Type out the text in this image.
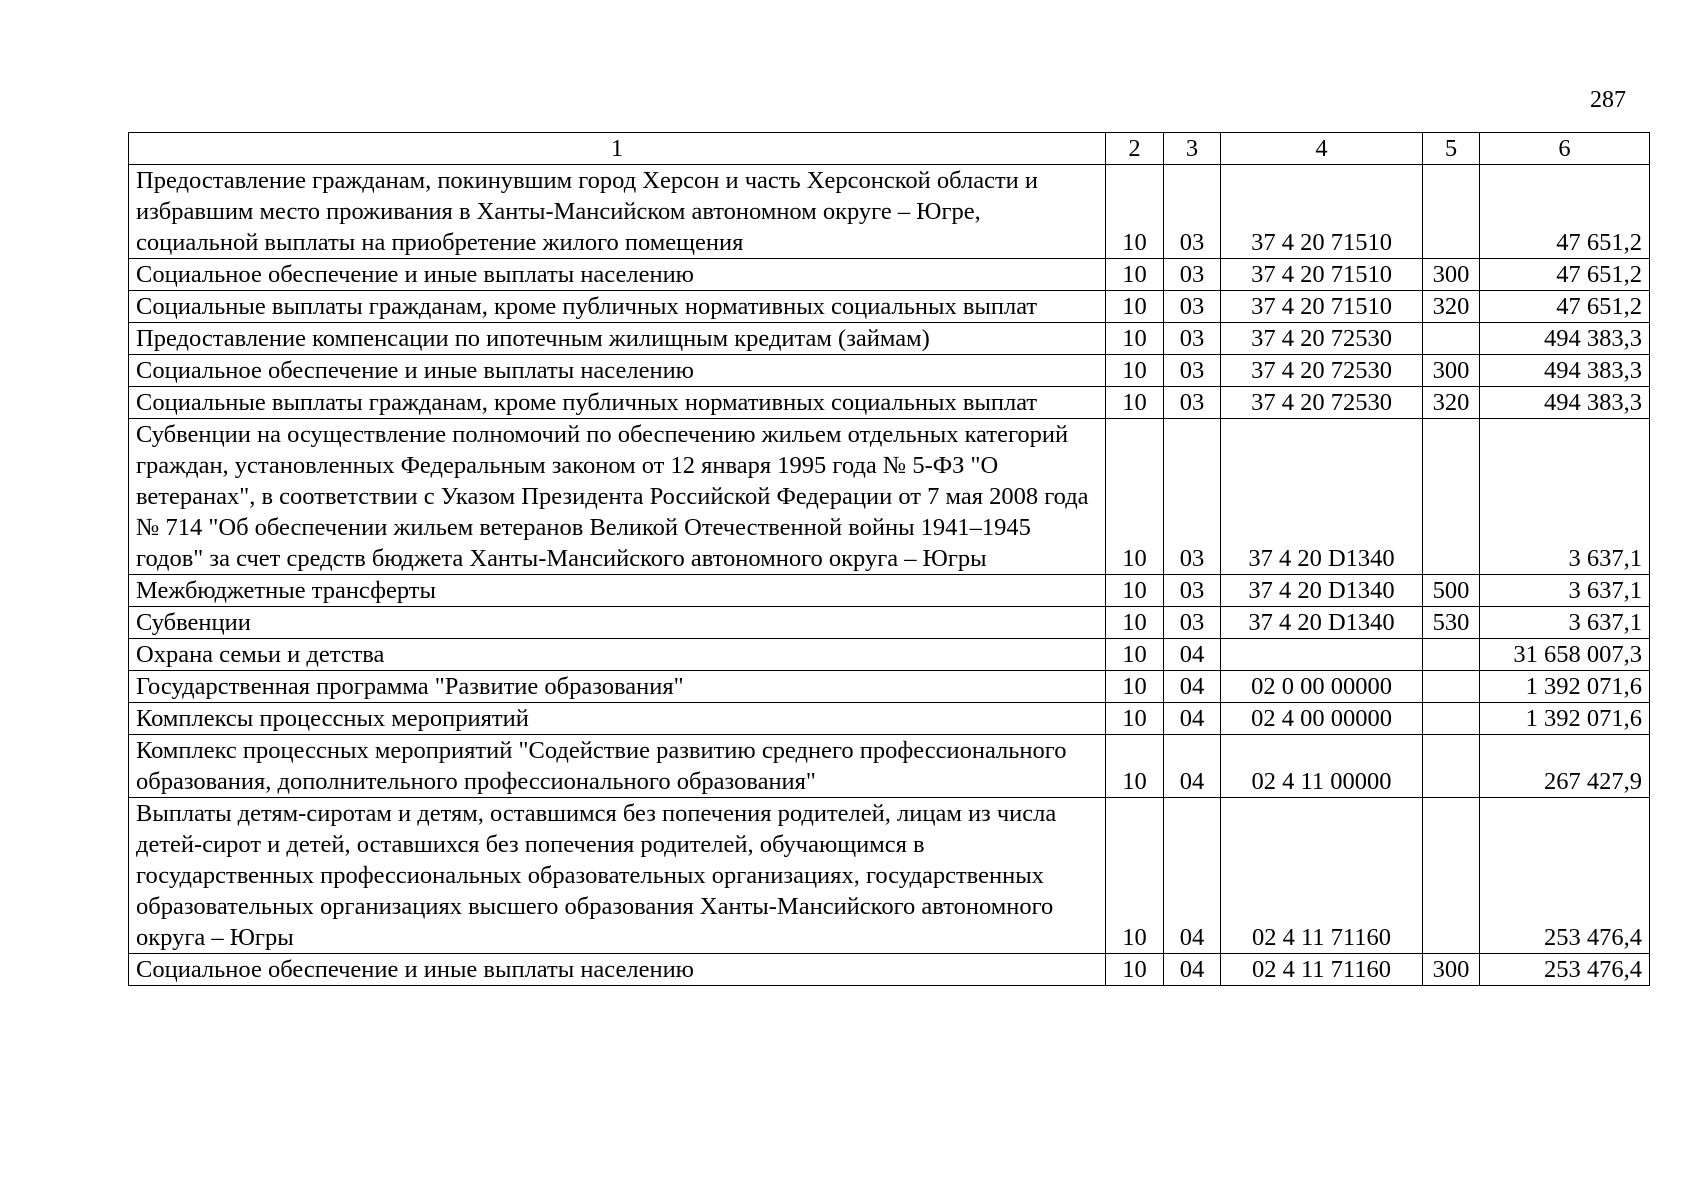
287
1	2	3	4	5	6
Предоставление гражданам, покинувшим город Херсон и часть Херсонской области и избравшим место проживания в Ханты-Мансийском автономном округе – Югре, социальной выплаты на приобретение жилого помещения	10	03	37 4 20 71510		47 651,2
Социальное обеспечение и иные выплаты населению	10	03	37 4 20 71510	300	47 651,2
Социальные выплаты гражданам, кроме публичных нормативных социальных выплат	10	03	37 4 20 71510	320	47 651,2
Предоставление компенсации по ипотечным жилищным кредитам (займам)	10	03	37 4 20 72530		494 383,3
Социальное обеспечение и иные выплаты населению	10	03	37 4 20 72530	300	494 383,3
Социальные выплаты гражданам, кроме публичных нормативных социальных выплат	10	03	37 4 20 72530	320	494 383,3
Субвенции на осуществление полномочий по обеспечению жильем отдельных категорий граждан, установленных Федеральным законом от 12 января 1995 года № 5-ФЗ "О ветеранах", в соответствии с Указом Президента Российской Федерации от 7 мая 2008 года № 714 "Об обеспечении жильем ветеранов Великой Отечественной войны 1941–1945 годов" за счет средств бюджета Ханты-Мансийского автономного округа – Югры	10	03	37 4 20 D1340		3 637,1
Межбюджетные трансферты	10	03	37 4 20 D1340	500	3 637,1
Субвенции	10	03	37 4 20 D1340	530	3 637,1
Охрана семьи и детства	10	04			31 658 007,3
Государственная программа "Развитие образования"	10	04	02 0 00 00000		1 392 071,6
Комплексы процессных мероприятий	10	04	02 4 00 00000		1 392 071,6
Комплекс процессных мероприятий "Содействие развитию среднего профессионального образования, дополнительного профессионального образования"	10	04	02 4 11 00000		267 427,9
Выплаты детям-сиротам и детям, оставшимся без попечения родителей, лицам из числа детей-сирот и детей, оставшихся без попечения родителей, обучающимся в государственных профессиональных образовательных организациях, государственных образовательных организациях высшего образования Ханты-Мансийского автономного округа – Югры	10	04	02 4 11 71160		253 476,4
Социальное обеспечение и иные выплаты населению	10	04	02 4 11 71160	300	253 476,4
